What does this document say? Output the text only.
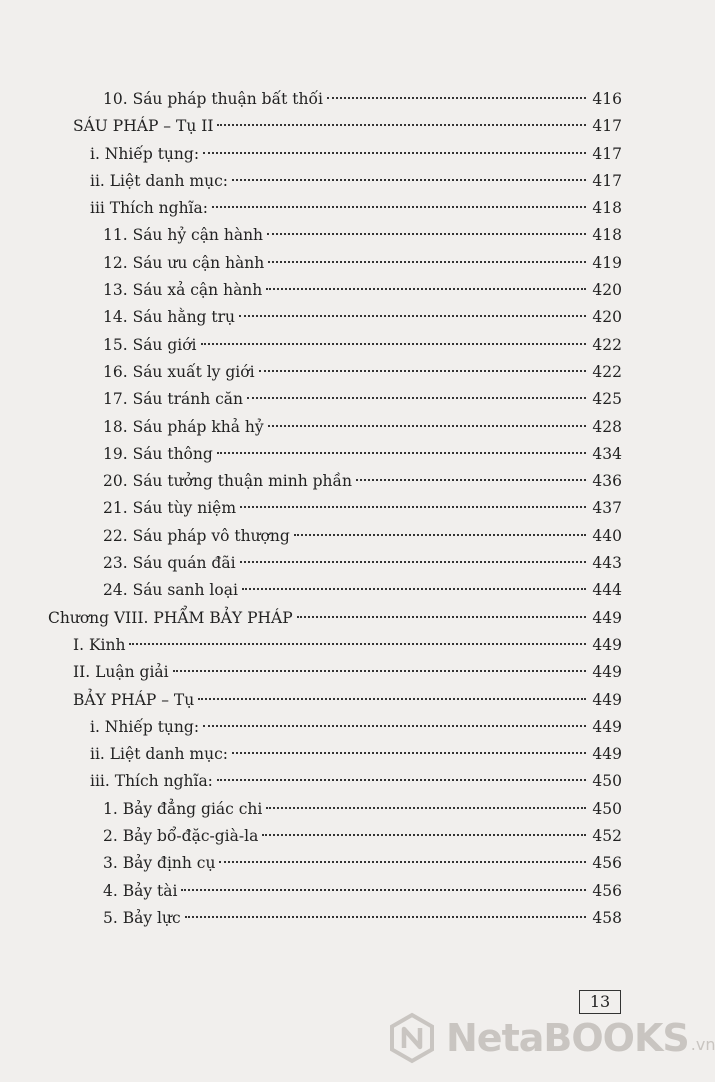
10. Sáu pháp thuận bất thối	416
SÁU PHÁP – Tụ II	417
i. Nhiếp tụng:	417
ii. Liệt danh mục:	417
iii Thích nghĩa:	418
11. Sáu hỷ cận hành	418
12. Sáu ưu cận hành	419
13. Sáu xả cận hành	420
14. Sáu hằng trụ	420
15. Sáu giới	422
16. Sáu xuất ly giới	422
17. Sáu tránh căn	425
18. Sáu pháp khả hỷ	428
19. Sáu thông	434
20. Sáu tưởng thuận minh phần	436
21. Sáu tùy niệm	437
22. Sáu pháp vô thượng	440
23. Sáu quán đãi	443
24. Sáu sanh loại	444
Chương VIII. PHẨM BẢY PHÁP	449
I. Kinh	449
II. Luận giải	449
BẢY PHÁP – Tụ	449
i. Nhiếp tụng:	449
ii. Liệt danh mục:	449
iii. Thích nghĩa:	450
1. Bảy đẳng giác chi	450
2. Bảy bổ-đặc-già-la	452
3. Bảy định cụ	456
4. Bảy tài	456
5. Bảy lực	458
13
NetaBOOKS .vn
